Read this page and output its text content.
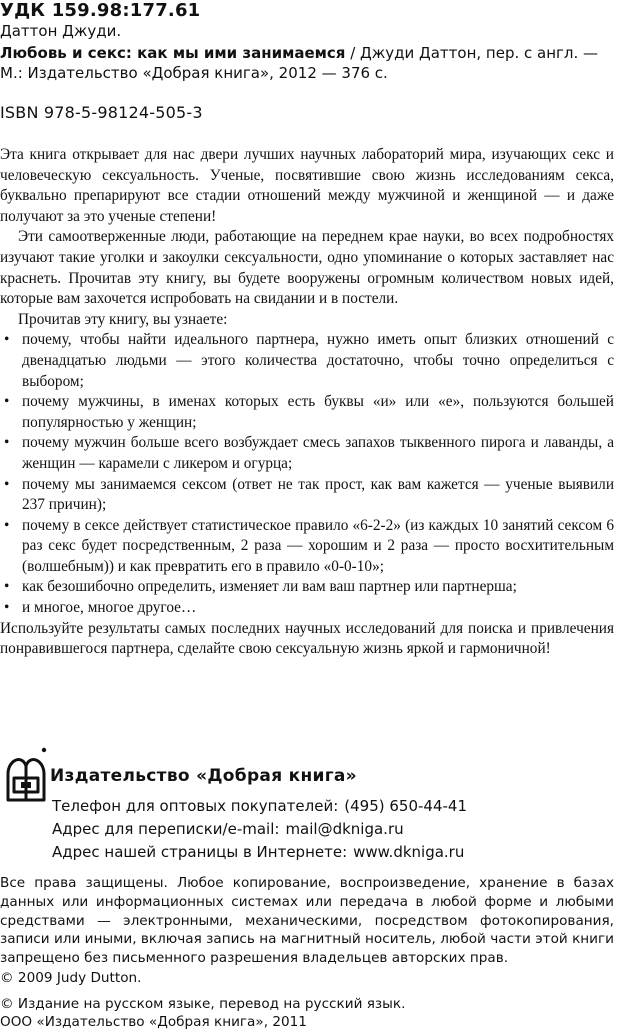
УДК 159.98:177.61
Даттон Джуди.
Любовь и секс: как мы ими занимаемся / Джуди Даттон, пер. с англ. —
М.: Издательство «Добрая книга», 2012 — 376 с.
ISBN 978-5-98124-505-3

Эта книга открывает для нас двери лучших научных лабораторий мира, изучающих секс и человеческую сексуальность. Ученые, посвятившие свою жизнь исследованиям секса, буквально препарируют все стадии отношений между мужчиной и женщиной — и даже получают за это ученые степени!

Эти самоотверженные люди, работающие на переднем крае науки, во всех подробностях изучают такие уголки и закоулки сексуальности, одно упоминание о которых заставляет нас краснеть. Прочитав эту книгу, вы будете вооружены огромным количеством новых идей, которые вам захочется испробовать на свидании и в постели.

Прочитав эту книгу, вы узнаете:

• почему, чтобы найти идеального партнера, нужно иметь опыт близких отношений с двенадцатью людьми — этого количества достаточно, чтобы точно определиться с выбором;
• почему мужчины, в именах которых есть буквы «и» или «е», пользуются большей популярностью у женщин;
• почему мужчин больше всего возбуждает смесь запахов тыквенного пирога и лаванды, а женщин — карамели с ликером и огурца;
• почему мы занимаемся сексом (ответ не так прост, как вам кажется — ученые выявили 237 причин);
• почему в сексе действует статистическое правило «6-2-2» (из каждых 10 занятий сексом 6 раз секс будет посредственным, 2 раза — хорошим и 2 раза — просто восхитительным (волшебным)) и как превратить его в правило «0-0-10»;
• как безошибочно определить, изменяет ли вам ваш партнер или партнерша;
• и многое, многое другое…

Используйте результаты самых последних научных исследований для поиска и привлечения понравившегося партнера, сделайте свою сексуальную жизнь яркой и гармоничной!

Издательство «Добрая книга»
Телефон для оптовых покупателей: (495) 650-44-41
Адрес для переписки/e-mail: mail@dkniga.ru
Адрес нашей страницы в Интернете: www.dkniga.ru
Все права защищены. Любое копирование, воспроизведение, хранение в базах данных или информационных системах или передача в любой форме и любыми средствами — электронными, механическими, посредством фотокопирования, записи или иными, включая запись на магнитный носитель, любой части этой книги запрещено без письменного разрешения владельцев авторских прав.
© 2009 Judy Dutton.
© Издание на русском языке, перевод на русский язык.
ООО «Издательство «Добрая книга», 2011
